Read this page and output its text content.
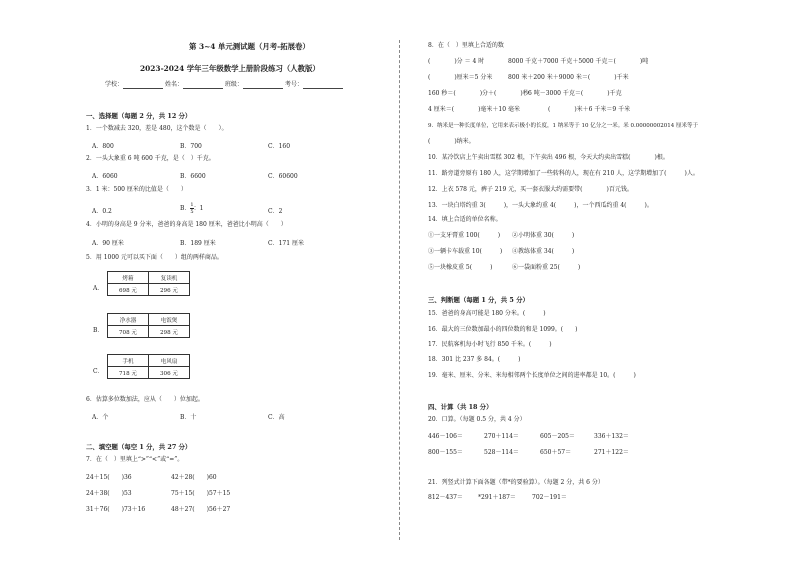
第 3~4 单元测试题（月考-拓展卷）
2023-2024 学年三年级数学上册阶段练习（人教版）
学校：	姓名：	班级：	考号：
一、选择题（每题 2 分，共 12 分）
1．一个数减去 320，差是 480，这个数是（　　）。
A．800	B．700	C．160
2．一头大象重 6 吨 600 千克，是（　）千克。
A．6060	B．6600	C．60600
3．1 米：500 厘米的比值是（　　）
A．0.2	B． $\frac{1}{5}$ ：1	C．2
4．小明的身高是 9 分米，爸爸的身高是 180 厘米，爸爸比小明高（　　）
A．90 厘米	B．189 厘米	C．171 厘米
5．用 1000 元可以买下面（　　）组的两样商品。
A．
烤箱	复读机
698 元	296 元
B．
净水器	电饭煲
708 元	298 元
C．
手机	电风扇
718 元	306 元
6．估算多位数加法，应从（　　）位加起。
A．个	B．十	C．高
二、填空题（每空 1 分，共 27 分）
7．在（　）里填上“>”“<”或“=”。
24＋15(　　)36	42＋28(　　)60
24＋38(　　)53	75＋15(　　)57＋15
31＋76(　　)73＋16	48＋27(　　)56＋27
8．在（　）里填上合适的数
(　　　　)分 ＝ 4 时	8000 千克＋7000 千克＋5000 千克＝(　　　　)吨
(　　　　)厘米＝5 分米	800 米＋200 米＋9000 米＝(　　　　)千米
160 秒＝(　　　　)分＋(　　　　)秒 6 吨－3000 千克＝(　　　　)千克
4 厘米＝(　　　　)毫米＋10 毫米	(　　　　)米＋6 千米＝9 千米
9．纳米是一种长度单位，它用来表示极小的长度，1 纳米等于 10 亿分之一米。米 0.00000002014 厘米等于
(　　　　)纳米。
10．某冷饮店上午卖出雪糕 302 根，下午卖出 496 根，今天大约卖出雪糕(　　　　)根。
11．路旁道旁原有 180 人，这学期增加了一些转科的人，现在有 210 人，这学期增加了(　　　)人。
12．上衣 578 元，裤子 219 元，买一套衣服大约需要带(　　　　)百元钱。
13．一块白塔约重 3(　　　)，一头大象约重 4(　　　)，一个西瓜约重 4(　　　)。
14．填上合适的单位名称。
①一支牙膏重 100(　　　) ②小明体重 30(　　　)
③一辆卡车载重 10(　　　) ④教练体重 34(　　　)
⑤一块橡皮重 5(　　　)	⑥一袋面粉重 25(　　　)
三、判断题（每题 1 分，共 5 分）
15．爸爸的身高可能是 180 分米。(　　　)
16．最大的三位数加最小的四位数的和是 1099。(　　)
17．民航客机每小时飞行 850 千米。(　　　)
18．301 比 237 多 84。(　　　)
19．毫米、厘米、分米、米每相邻两个长度单位之间的进率都是 10。(　　　)
四、计算（共 18 分）
20．口算。（每题 0.5 分，共 4 分）
446－106＝	270＋114＝	605－205＝	336＋132＝
800－155＝	528－114＝	650＋57＝	271＋122＝
21．列竖式计算下面各题（带*的要验算）。（每题 2 分，共 6 分）
812－437＝	*291＋187＝	702－191＝
